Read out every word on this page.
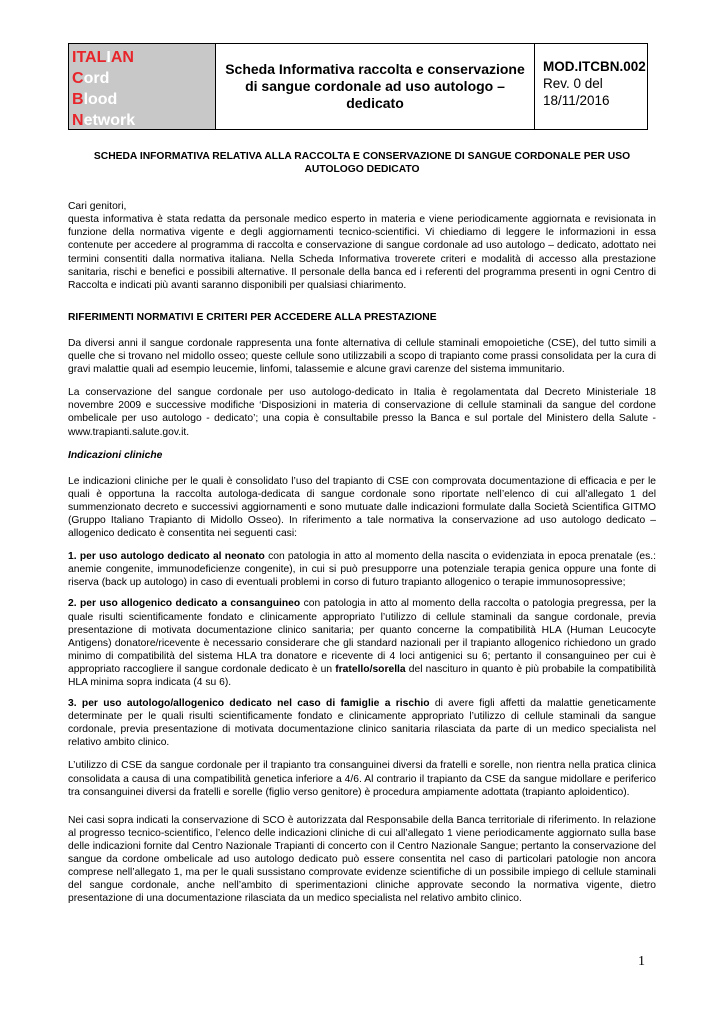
ITALIAN
Cord
Blood
Network
Scheda Informativa raccolta e conservazione di sangue cordonale ad uso autologo – dedicato
MOD.ITCBN.002
Rev. 0 del
18/11/2016

SCHEDA INFORMATIVA RELATIVA ALLA RACCOLTA E CONSERVAZIONE DI SANGUE CORDONALE PER USO AUTOLOGO DEDICATO

Cari genitori,

questa informativa è stata redatta da personale medico esperto in materia e viene periodicamente aggiornata e revisionata in funzione della normativa vigente e degli aggiornamenti tecnico-scientifici. Vi chiediamo di leggere le informazioni in essa contenute per accedere al programma di raccolta e conservazione di sangue cordonale ad uso autologo – dedicato, adottato nei termini consentiti dalla normativa italiana. Nella Scheda Informativa troverete criteri e modalità di accesso alla prestazione sanitaria, rischi e benefici e possibili alternative. Il personale della banca ed i referenti del programma presenti in ogni Centro di Raccolta e indicati più avanti saranno disponibili per qualsiasi chiarimento.

RIFERIMENTI NORMATIVI E CRITERI PER ACCEDERE ALLA PRESTAZIONE

Da diversi anni il sangue cordonale rappresenta una fonte alternativa di cellule staminali emopoietiche (CSE), del tutto simili a quelle che si trovano nel midollo osseo; queste cellule sono utilizzabili a scopo di trapianto come prassi consolidata per la cura di gravi malattie quali ad esempio leucemie, linfomi, talassemie e alcune gravi carenze del sistema immunitario.

La conservazione del sangue cordonale per uso autologo-dedicato in Italia è regolamentata dal Decreto Ministeriale 18 novembre 2009 e successive modifiche ‘Disposizioni in materia di conservazione di cellule staminali da sangue del cordone ombelicale per uso autologo - dedicato’; una copia è consultabile presso la Banca e sul portale del Ministero della Salute - www.trapianti.salute.gov.it.

Indicazioni cliniche

Le indicazioni cliniche per le quali è consolidato l’uso del trapianto di CSE con comprovata documentazione di efficacia e per le quali è opportuna la raccolta autologa-dedicata di sangue cordonale sono riportate nell’elenco di cui all’allegato 1 del summenzionato decreto e successivi aggiornamenti e sono mutuate dalle indicazioni formulate dalla Società Scientifica GITMO (Gruppo Italiano Trapianto di Midollo Osseo). In riferimento a tale normativa la conservazione ad uso autologo dedicato – allogenico dedicato è consentita nei seguenti casi:

1. per uso autologo dedicato al neonato con patologia in atto al momento della nascita o evidenziata in epoca prenatale (es.: anemie congenite, immunodeficienze congenite), in cui si può presupporre una potenziale terapia genica oppure una fonte di riserva (back up autologo) in caso di eventuali problemi in corso di futuro trapianto allogenico o terapie immunosopressive;

2. per uso allogenico dedicato a consanguineo con patologia in atto al momento della raccolta o patologia pregressa, per la quale risulti scientificamente fondato e clinicamente appropriato l’utilizzo di cellule staminali da sangue cordonale, previa presentazione di motivata documentazione clinico sanitaria; per quanto concerne la compatibilità HLA (Human Leucocyte Antigens) donatore/ricevente è necessario considerare che gli standard nazionali per il trapianto allogenico richiedono un grado minimo di compatibilità del sistema HLA tra donatore e ricevente di 4 loci antigenici su 6; pertanto il consanguineo per cui è appropriato raccogliere il sangue cordonale dedicato è un fratello/sorella del nascituro in quanto è più probabile la compatibilità HLA minima sopra indicata (4 su 6).

3. per uso autologo/allogenico dedicato nel caso di famiglie a rischio di avere figli affetti da malattie geneticamente determinate per le quali risulti scientificamente fondato e clinicamente appropriato l’utilizzo di cellule staminali da sangue cordonale, previa presentazione di motivata documentazione clinico sanitaria rilasciata da parte di un medico specialista nel relativo ambito clinico.

L’utilizzo di CSE da sangue cordonale per il trapianto tra consanguinei diversi da fratelli e sorelle, non rientra nella pratica clinica consolidata a causa di una compatibilità genetica inferiore a 4/6. Al contrario il trapianto da CSE da sangue midollare e periferico tra consanguinei diversi da fratelli e sorelle (figlio verso genitore) è procedura ampiamente adottata (trapianto aploidentico).

Nei casi sopra indicati la conservazione di SCO è autorizzata dal Responsabile della Banca territoriale di riferimento. In relazione al progresso tecnico-scientifico, l’elenco delle indicazioni cliniche di cui all’allegato 1 viene periodicamente aggiornato sulla base delle indicazioni fornite dal Centro Nazionale Trapianti di concerto con il Centro Nazionale Sangue; pertanto la conservazione del sangue da cordone ombelicale ad uso autologo dedicato può essere consentita nel caso di particolari patologie non ancora comprese nell’allegato 1, ma per le quali sussistano comprovate evidenze scientifiche di un possibile impiego di cellule staminali del sangue cordonale, anche nell’ambito di sperimentazioni cliniche approvate secondo la normativa vigente, dietro presentazione di una documentazione rilasciata da un medico specialista nel relativo ambito clinico.

1
